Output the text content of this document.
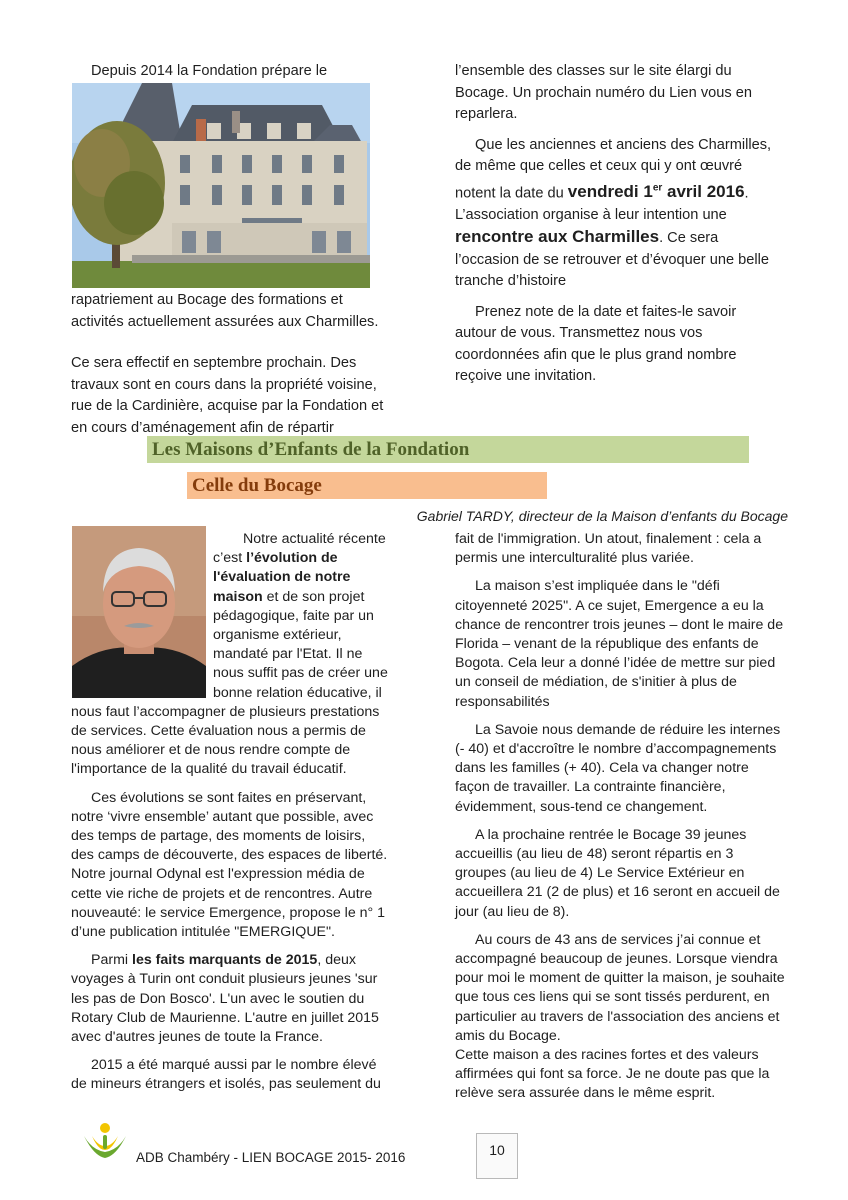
Depuis 2014 la Fondation prépare le

rapatriement au Bocage des formations et activités actuellement assurées aux Charmilles.

Ce sera effectif en septembre prochain. Des travaux sont en cours dans la propriété voisine, rue de la Cardinière, acquise par la Fondation et en cours d’aménagement afin de répartir

l’ensemble des classes sur le site élargi du Bocage. Un prochain numéro du Lien vous en reparlera.

Que les anciennes et anciens des Charmilles, de même que celles et ceux qui y ont œuvré notent la date du vendredi 1er avril 2016. L’association organise à leur intention une rencontre aux Charmilles. Ce sera l’occasion de se retrouver et d’évoquer une belle tranche d’histoire

Prenez note de la date et faites-le savoir autour de vous. Transmettez nous vos coordonnées afin que le plus grand nombre reçoive une invitation.

Les Maisons d’Enfants de la Fondation
Celle du Bocage
Gabriel TARDY, directeur de la Maison d’enfants du Bocage

Notre actualité récente c’est l’évolution de l'évaluation de notre maison et de son projet pédagogique, faite par un organisme extérieur, mandaté par l'Etat. Il ne nous suffit pas de créer une bonne relation éducative, il nous faut l’accompagner de plusieurs prestations de services. Cette évaluation nous a permis de nous améliorer et de nous rendre compte de l'importance de la qualité du travail éducatif.

Ces évolutions se sont faites en préservant, notre ‘vivre ensemble’ autant que possible, avec des temps de partage, des moments de loisirs, des camps de découverte, des espaces de liberté. Notre journal Odynal est l'expression média de cette vie riche de projets et de rencontres. Autre nouveauté: le service Emergence, propose le n° 1 d’une publication intitulée "EMERGIQUE".

Parmi les faits marquants de 2015, deux voyages à Turin ont conduit plusieurs jeunes 'sur les pas de Don Bosco'. L'un avec le soutien du Rotary Club de Maurienne. L'autre en juillet 2015 avec d'autres jeunes de toute la France.

2015 a été marqué aussi par le nombre élevé de mineurs étrangers et isolés, pas seulement du

fait de l'immigration. Un atout, finalement : cela a permis une interculturalité plus variée.

La maison s’est impliquée dans le "défi citoyenneté 2025". A ce sujet, Emergence a eu la chance de rencontrer trois jeunes – dont le maire de Florida – venant de la république des enfants de Bogota. Cela leur a donné l’idée de mettre sur pied un conseil de médiation, de s'initier à plus de responsabilités

La Savoie nous demande de réduire les internes (- 40) et d'accroître le nombre d’accompagnements dans les familles (+ 40). Cela va changer notre façon de travailler. La contrainte financière, évidemment, sous-tend ce changement.

A la prochaine rentrée le Bocage 39 jeunes accueillis (au lieu de 48) seront répartis en 3 groupes (au lieu de 4) Le Service Extérieur en accueillera 21 (2 de plus) et 16 seront en accueil de jour (au lieu de 8).

Au cours de 43 ans de services j’ai connue et accompagné beaucoup de jeunes. Lorsque viendra pour moi le moment de quitter la maison, je souhaite que tous ces liens qui se sont tissés perdurent, en particulier au travers de l'association des anciens et amis du Bocage.

Cette maison a des racines fortes et des valeurs affirmées qui font sa force. Je ne doute pas que la relève sera assurée dans le même esprit.

ADB Chambéry - LIEN BOCAGE 2015- 2016	10
